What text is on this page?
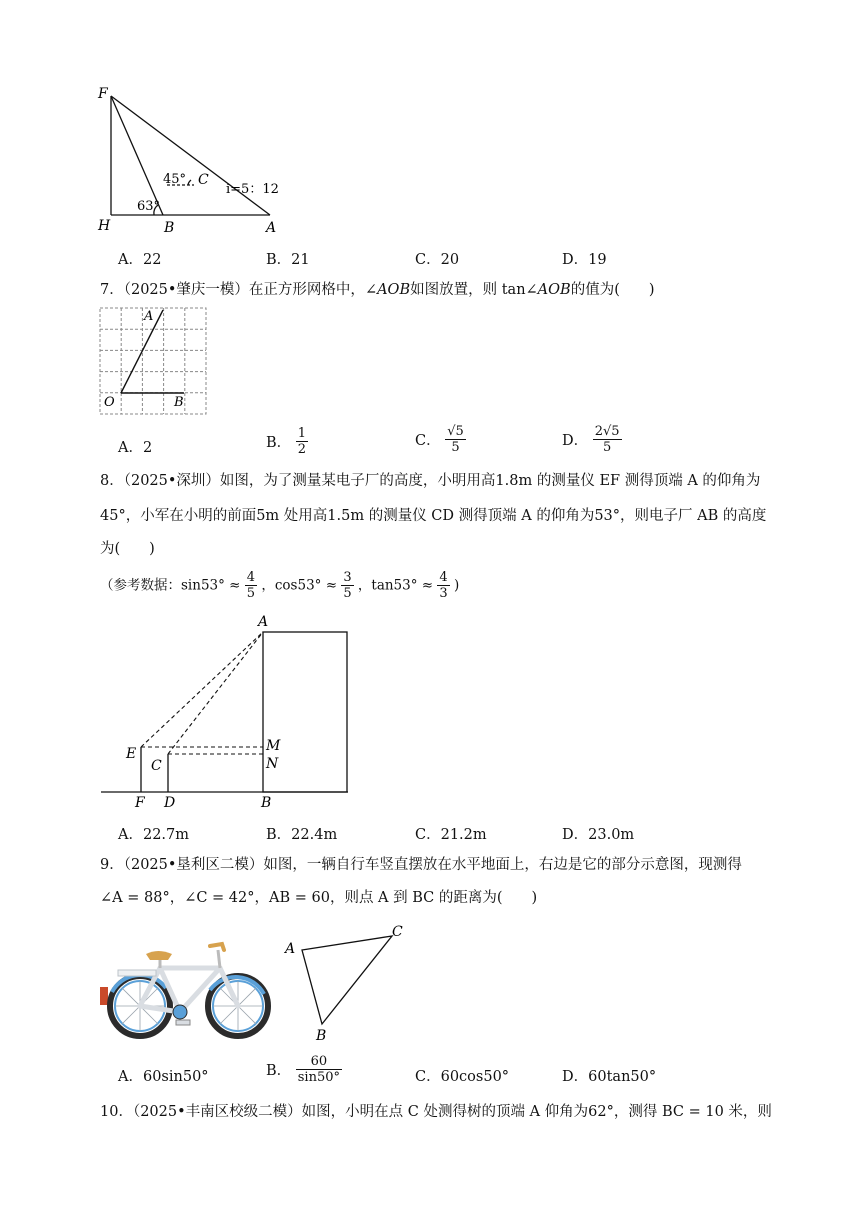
F
H	B	A
C
45°
63°
i=5：12
A．22	B．21	C．20	D．19
7．（2025•肇庆一模）在正方形网格中，∠AOB如图放置，则 tan∠AOB的值为(　　)
A
O	B
A．2	B． $\frac{1}{2}$	C． $\frac{√5}{5}$	D． $\frac{2√5}{5}$
8．（2025•深圳）如图，为了测量某电子厂的高度，小明用高1.8m 的测量仪 EF 测得顶端 A 的仰角为
45°，小军在小明的前面5m 处用高1.5m 的测量仪 CD 测得顶端 A 的仰角为53°，则电子厂 AB 的高度
为(　　)
（参考数据：$\sin 53^\circ \approx \frac{4}{5}$ ，$\cos 53^\circ \approx \frac{3}{5}$ ，$\tan 53^\circ \approx \frac{4}{3}$ )
A
E
C
M
N
F D	B
A．22.7m	B．22.4m	C．21.2m	D．23.0m
9．（2025•垦利区二模）如图，一辆自行车竖直摆放在水平地面上，右边是它的部分示意图，现测得
∠A = 88°，∠C = 42°，AB = 60，则点 A 到 BC 的距离为(　　)
A
B
C
A．60sin50°	B． $\frac{60}{\sin 50^\circ}$	C．60cos50°	D．60tan50°
10．（2025•丰南区校级二模）如图，小明在点 C 处测得树的顶端 A 仰角为62°，测得 BC = 10 米，则
